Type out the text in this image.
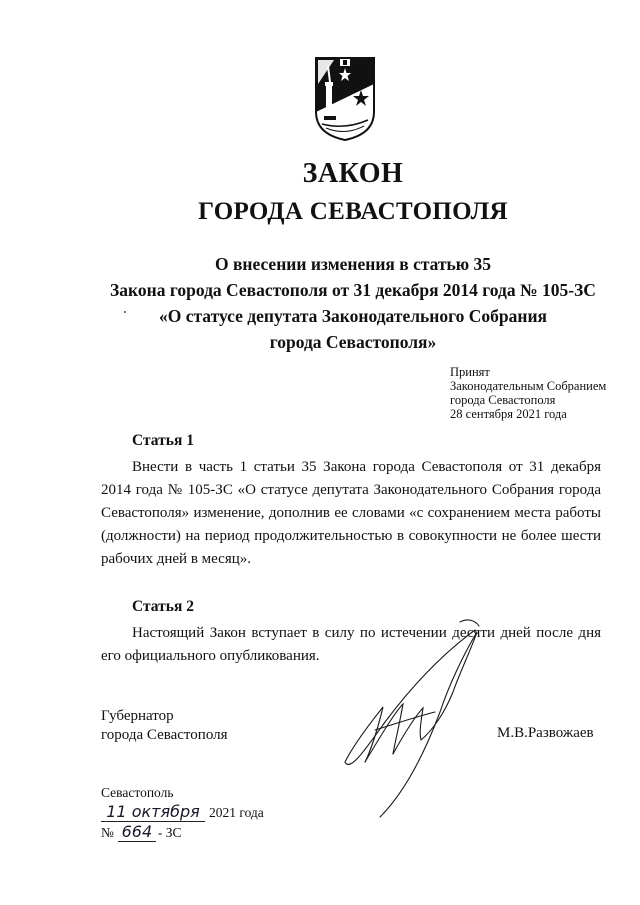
ЗАКОН
ГОРОДА СЕВАСТОПОЛЯ
О внесении изменения в статью 35
Закона города Севастополя от 31 декабря 2014 года № 105-ЗС
«О статусе депутата Законодательного Собрания
города Севастополя»
Принят
Законодательным Собранием
города Севастополя
28 сентября 2021 года
Статья 1
Внести в часть 1 статьи 35 Закона города Севастополя от 31 декабря
2014 года № 105-ЗС «О статусе депутата Законодательного Собрания города
Севастополя» изменение, дополнив ее словами «с сохранением места работы
(должности) на период продолжительностью в совокупности не более шести
рабочих дней в месяц».
Статья 2
Настоящий Закон вступает в силу по истечении десяти дней после дня
его официального опубликования.
Губернатор
города Севастополя	М.В.Развожаев
Севастополь
11 октября 2021 года
№ 664 - ЗС
